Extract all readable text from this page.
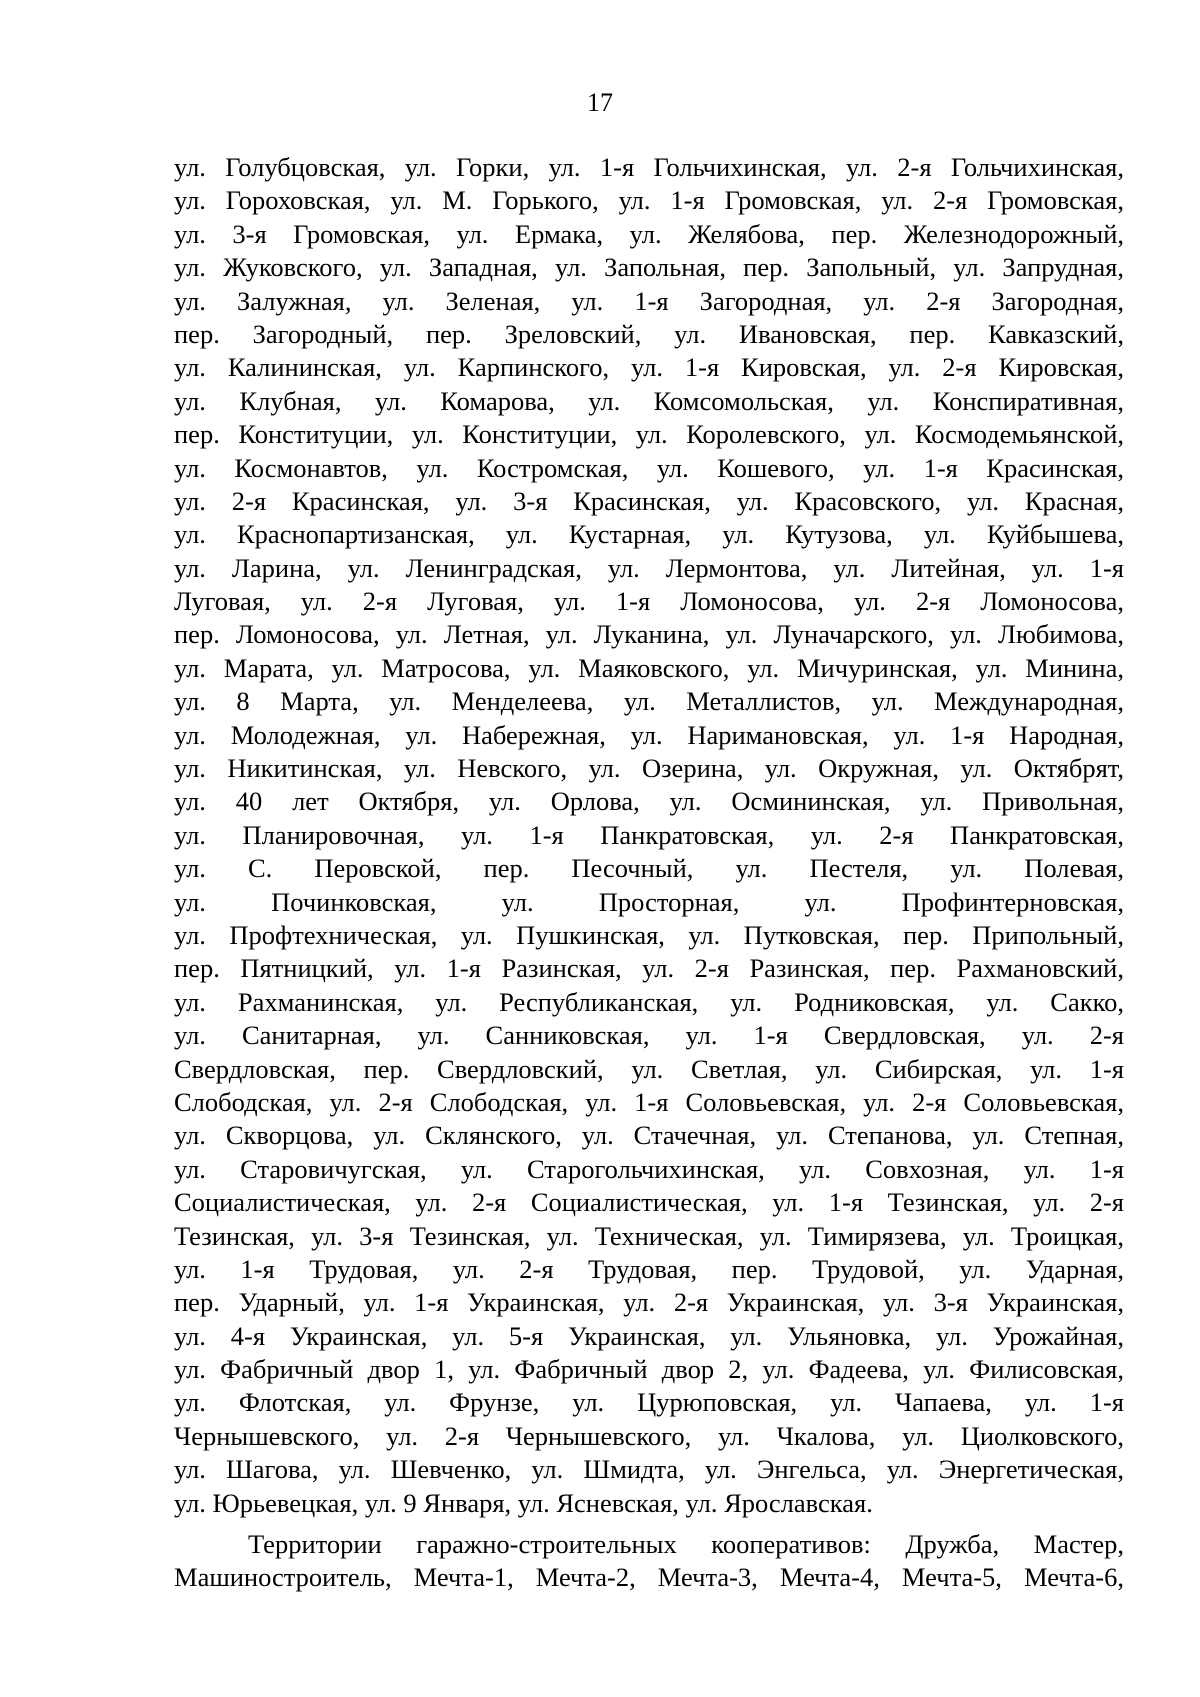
17
ул. Голубцовская, ул. Горки, ул. 1-я Гольчихинская, ул. 2-я Гольчихинская,
ул. Гороховская, ул. М. Горького, ул. 1-я Громовская, ул. 2-я Громовская,
ул. 3-я Громовская, ул. Ермака, ул. Желябова, пер. Железнодорожный,
ул. Жуковского, ул. Западная, ул. Запольная, пер. Запольный, ул. Запрудная,
ул. Залужная, ул. Зеленая, ул. 1-я Загородная, ул. 2-я Загородная,
пер. Загородный, пер. Зреловский, ул. Ивановская, пер. Кавказский,
ул. Калининская, ул. Карпинского, ул. 1-я Кировская, ул. 2-я Кировская,
ул. Клубная, ул. Комарова, ул. Комсомольская, ул. Конспиративная,
пер. Конституции, ул. Конституции, ул. Королевского, ул. Космодемьянской,
ул. Космонавтов, ул. Костромская, ул. Кошевого, ул. 1-я Красинская,
ул. 2-я Красинская, ул. 3-я Красинская, ул. Красовского, ул. Красная,
ул. Краснопартизанская, ул. Кустарная, ул. Кутузова, ул. Куйбышева,
ул. Ларина, ул. Ленинградская, ул. Лермонтова, ул. Литейная, ул. 1-я
Луговая, ул. 2-я Луговая, ул. 1-я Ломоносова, ул. 2-я Ломоносова,
пер. Ломоносова, ул. Летная, ул. Луканина, ул. Луначарского, ул. Любимова,
ул. Марата, ул. Матросова, ул. Маяковского, ул. Мичуринская, ул. Минина,
ул. 8 Марта, ул. Менделеева, ул. Металлистов, ул. Международная,
ул. Молодежная, ул. Набережная, ул. Наримановская, ул. 1-я Народная,
ул. Никитинская, ул. Невского, ул. Озерина, ул. Окружная, ул. Октябрят,
ул. 40 лет Октября, ул. Орлова, ул. Осмининская, ул. Привольная,
ул. Планировочная, ул. 1-я Панкратовская, ул. 2-я Панкратовская,
ул. С. Перовской, пер. Песочный, ул. Пестеля, ул. Полевая,
ул. Починковская, ул. Просторная, ул. Профинтерновская,
ул. Профтехническая, ул. Пушкинская, ул. Путковская, пер. Припольный,
пер. Пятницкий, ул. 1-я Разинская, ул. 2-я Разинская, пер. Рахмановский,
ул. Рахманинская, ул. Республиканская, ул. Родниковская, ул. Сакко,
ул. Санитарная, ул. Санниковская, ул. 1-я Свердловская, ул. 2-я
Свердловская, пер. Свердловский, ул. Светлая, ул. Сибирская, ул. 1-я
Слободская, ул. 2-я Слободская, ул. 1-я Соловьевская, ул. 2-я Соловьевская,
ул. Скворцова, ул. Склянского, ул. Стачечная, ул. Степанова, ул. Степная,
ул. Старовичугская, ул. Старогольчихинская, ул. Совхозная, ул. 1-я
Социалистическая, ул. 2-я Социалистическая, ул. 1-я Тезинская, ул. 2-я
Тезинская, ул. 3-я Тезинская, ул. Техническая, ул. Тимирязева, ул. Троицкая,
ул. 1-я Трудовая, ул. 2-я Трудовая, пер. Трудовой, ул. Ударная,
пер. Ударный, ул. 1-я Украинская, ул. 2-я Украинская, ул. 3-я Украинская,
ул. 4-я Украинская, ул. 5-я Украинская, ул. Ульяновка, ул. Урожайная,
ул. Фабричный двор 1, ул. Фабричный двор 2, ул. Фадеева, ул. Филисовская,
ул. Флотская, ул. Фрунзе, ул. Цурюповская, ул. Чапаева, ул. 1-я
Чернышевского, ул. 2-я Чернышевского, ул. Чкалова, ул. Циолковского,
ул. Шагова, ул. Шевченко, ул. Шмидта, ул. Энгельса, ул. Энергетическая,
ул. Юрьевецкая, ул. 9 Января, ул. Ясневская, ул. Ярославская.
Территории гаражно-строительных кооперативов: Дружба, Мастер,
Машиностроитель, Мечта-1, Мечта-2, Мечта-3, Мечта-4, Мечта-5, Мечта-6,
